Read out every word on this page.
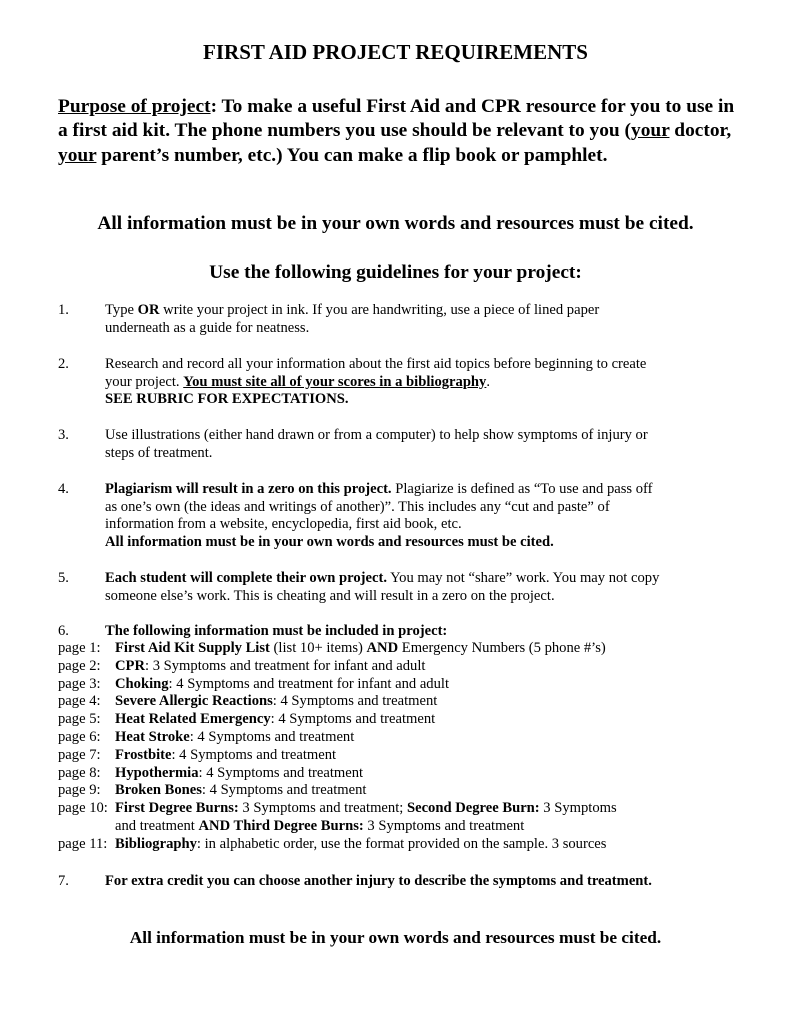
FIRST AID PROJECT REQUIREMENTS

Purpose of project: To make a useful First Aid and CPR resource for you to use in a first aid kit. The phone numbers you use should be relevant to you (your doctor, your parent’s number, etc.) You can make a flip book or pamphlet.

All information must be in your own words and resources must be cited.

Use the following guidelines for your project:

1. Type OR write your project in ink. If you are handwriting, use a piece of lined paper underneath as a guide for neatness.
2. Research and record all your information about the first aid topics before beginning to create your project. You must site all of your scores in a bibliography.
SEE RUBRIC FOR EXPECTATIONS.
3. Use illustrations (either hand drawn or from a computer) to help show symptoms of injury or steps of treatment.
4. Plagiarism will result in a zero on this project. Plagiarize is defined as “To use and pass off as one’s own (the ideas and writings of another)”. This includes any “cut and paste” of information from a website, encyclopedia, first aid book, etc.
All information must be in your own words and resources must be cited.
5. Each student will complete their own project. You may not “share” work. You may not copy someone else’s work. This is cheating and will result in a zero on the project.
6. The following information must be included in project:
page 1: First Aid Kit Supply List (list 10+ items) AND Emergency Numbers (5 phone #’s)
page 2: CPR: 3 Symptoms and treatment for infant and adult
page 3: Choking: 4 Symptoms and treatment for infant and adult
page 4: Severe Allergic Reactions: 4 Symptoms and treatment
page 5: Heat Related Emergency: 4 Symptoms and treatment
page 6: Heat Stroke: 4 Symptoms and treatment
page 7: Frostbite: 4 Symptoms and treatment
page 8: Hypothermia: 4 Symptoms and treatment
page 9: Broken Bones: 4 Symptoms and treatment
page 10: First Degree Burns: 3 Symptoms and treatment; Second Degree Burn: 3 Symptoms
and treatment AND Third Degree Burns: 3 Symptoms and treatment
page 11: Bibliography: in alphabetic order, use the format provided on the sample. 3 sources
7. For extra credit you can choose another injury to describe the symptoms and treatment.

All information must be in your own words and resources must be cited.
